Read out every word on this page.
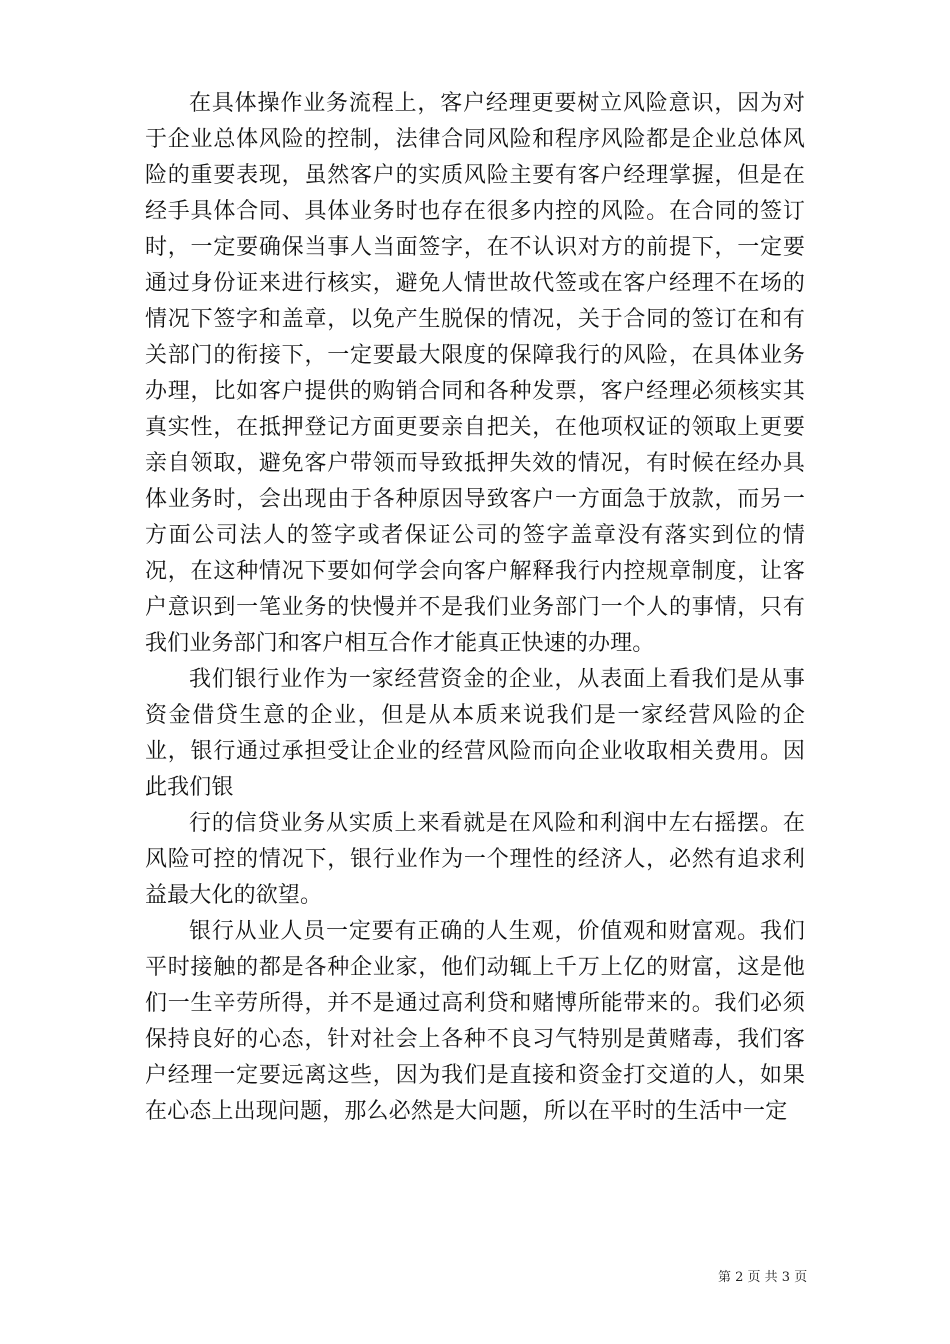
在具体操作业务流程上，客户经理更要树立风险意识，因为对于企业总体风险的控制，法律合同风险和程序风险都是企业总体风险的重要表现，虽然客户的实质风险主要有客户经理掌握，但是在经手具体合同、具体业务时也存在很多内控的风险。在合同的签订时，一定要确保当事人当面签字，在不认识对方的前提下，一定要通过身份证来进行核实，避免人情世故代签或在客户经理不在场的情况下签字和盖章，以免产生脱保的情况，关于合同的签订在和有关部门的衔接下，一定要最大限度的保障我行的风险，在具体业务办理，比如客户提供的购销合同和各种发票，客户经理必须核实其真实性，在抵押登记方面更要亲自把关，在他项权证的领取上更要亲自领取，避免客户带领而导致抵押失效的情况，有时候在经办具体业务时，会出现由于各种原因导致客户一方面急于放款，而另一方面公司法人的签字或者保证公司的签字盖章没有落实到位的情况，在这种情况下要如何学会向客户解释我行内控规章制度，让客户意识到一笔业务的快慢并不是我们业务部门一个人的事情，只有我们业务部门和客户相互合作才能真正快速的办理。

我们银行业作为一家经营资金的企业，从表面上看我们是从事资金借贷生意的企业，但是从本质来说我们是一家经营风险的企业，银行通过承担受让企业的经营风险而向企业收取相关费用。因此我们银

行的信贷业务从实质上来看就是在风险和利润中左右摇摆。在风险可控的情况下，银行业作为一个理性的经济人，必然有追求利益最大化的欲望。

银行从业人员一定要有正确的人生观，价值观和财富观。我们平时接触的都是各种企业家，他们动辄上千万上亿的财富，这是他们一生辛劳所得，并不是通过高利贷和赌博所能带来的。我们必须保持良好的心态，针对社会上各种不良习气特别是黄赌毒，我们客户经理一定要远离这些，因为我们是直接和资金打交道的人，如果在心态上出现问题，那么必然是大问题，所以在平时的生活中一定

第 2 页 共 3 页
